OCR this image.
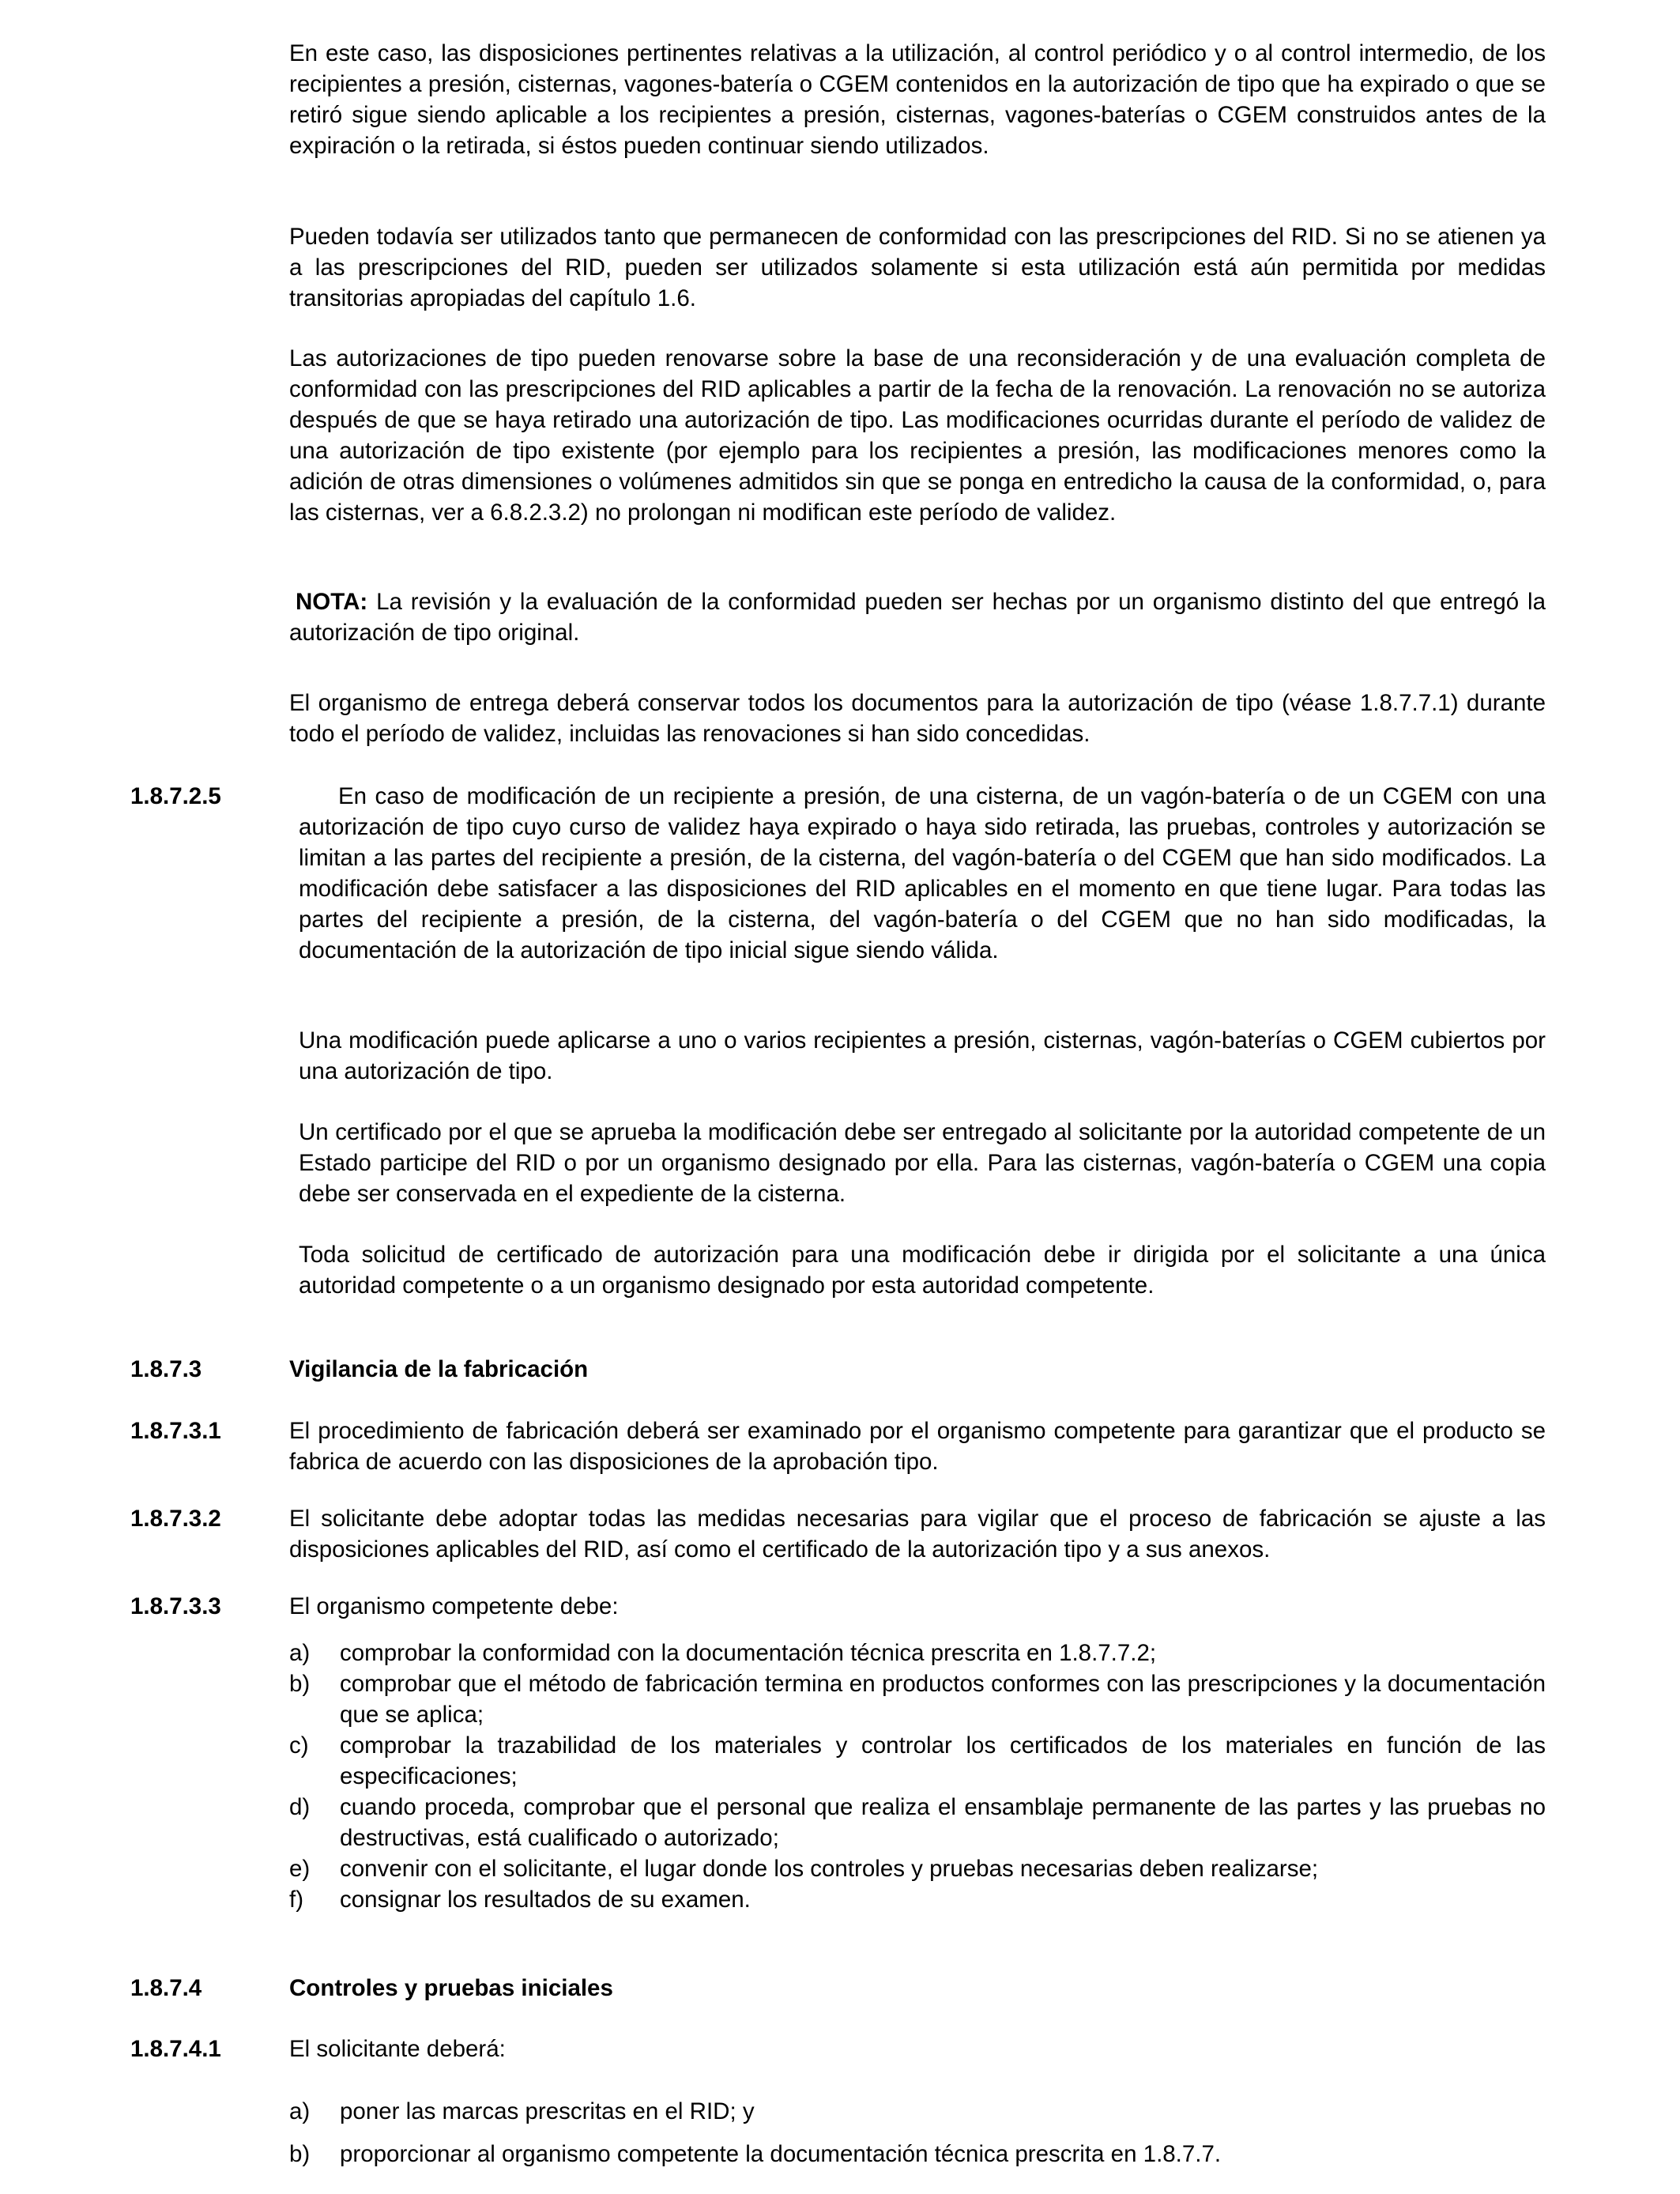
En este caso, las disposiciones pertinentes relativas a la utilización, al control periódico y o al control intermedio, de los recipientes a presión, cisternas, vagones-batería o CGEM contenidos en la autorización de tipo que ha expirado o que se retiró sigue siendo aplicable a los recipientes a presión, cisternas, vagones-baterías o CGEM construidos antes de la expiración o la retirada, si éstos pueden continuar siendo utilizados.

Pueden todavía ser utilizados tanto que permanecen de conformidad con las prescripciones del RID. Si no se atienen ya a las prescripciones del RID, pueden ser utilizados solamente si esta utilización está aún permitida por medidas transitorias apropiadas del capítulo 1.6.

Las autorizaciones de tipo pueden renovarse sobre la base de una reconsideración y de una evaluación completa de conformidad con las prescripciones del RID aplicables a partir de la fecha de la renovación. La renovación no se autoriza después de que se haya retirado una autorización de tipo. Las modificaciones ocurridas durante el período de validez de una autorización de tipo existente (por ejemplo para los recipientes a presión, las modificaciones menores como la adición de otras dimensiones o volúmenes admitidos sin que se ponga en entredicho la causa de la conformidad, o, para las cisternas, ver a 6.8.2.3.2) no prolongan ni modifican este período de validez.

NOTA: La revisión y la evaluación de la conformidad pueden ser hechas por un organismo distinto del que entregó la autorización de tipo original.

El organismo de entrega deberá conservar todos los documentos para la autorización de tipo (véase 1.8.7.7.1) durante todo el período de validez, incluidas las renovaciones si han sido concedidas.

1.8.7.2.5	En caso de modificación de un recipiente a presión, de una cisterna, de un vagón-batería o de un CGEM con una autorización de tipo cuyo curso de validez haya expirado o haya sido retirada, las pruebas, controles y autorización se limitan a las partes del recipiente a presión, de la cisterna, del vagón-batería o del CGEM que han sido modificados. La modificación debe satisfacer a las disposiciones del RID aplicables en el momento en que tiene lugar. Para todas las partes del recipiente a presión, de la cisterna, del vagón-batería o del CGEM que no han sido modificadas, la documentación de la autorización de tipo inicial sigue siendo válida.

Una modificación puede aplicarse a uno o varios recipientes a presión, cisternas, vagón-baterías o CGEM cubiertos por una autorización de tipo.

Un certificado por el que se aprueba la modificación debe ser entregado al solicitante por la autoridad competente de un Estado participe del RID o por un organismo designado por ella. Para las cisternas, vagón-batería o CGEM una copia debe ser conservada en el expediente de la cisterna.

Toda solicitud de certificado de autorización para una modificación debe ir dirigida por el solicitante a una única autoridad competente o a un organismo designado por esta autoridad competente.

1.8.7.3	Vigilancia de la fabricación
1.8.7.3.1	El procedimiento de fabricación deberá ser examinado por el organismo competente para garantizar que el producto se fabrica de acuerdo con las disposiciones de la aprobación tipo.

1.8.7.3.2	El solicitante debe adoptar todas las medidas necesarias para vigilar que el proceso de fabricación se ajuste a las disposiciones aplicables del RID, así como el certificado de la autorización tipo y a sus anexos.

1.8.7.3.3	El organismo competente debe:

a) comprobar la conformidad con la documentación técnica prescrita en 1.8.7.7.2;
b) comprobar que el método de fabricación termina en productos conformes con las prescripciones y la documentación que se aplica;
c) comprobar la trazabilidad de los materiales y controlar los certificados de los materiales en función de las especificaciones;
d) cuando proceda, comprobar que el personal que realiza el ensamblaje permanente de las partes y las pruebas no destructivas, está cualificado o autorizado;
e) convenir con el solicitante, el lugar donde los controles y pruebas necesarias deben realizarse;
f) consignar los resultados de su examen.
1.8.7.4	Controles y pruebas iniciales
1.8.7.4.1	El solicitante deberá:

a) poner las marcas prescritas en el RID; y
b) proporcionar al organismo competente la documentación técnica prescrita en 1.8.7.7.
